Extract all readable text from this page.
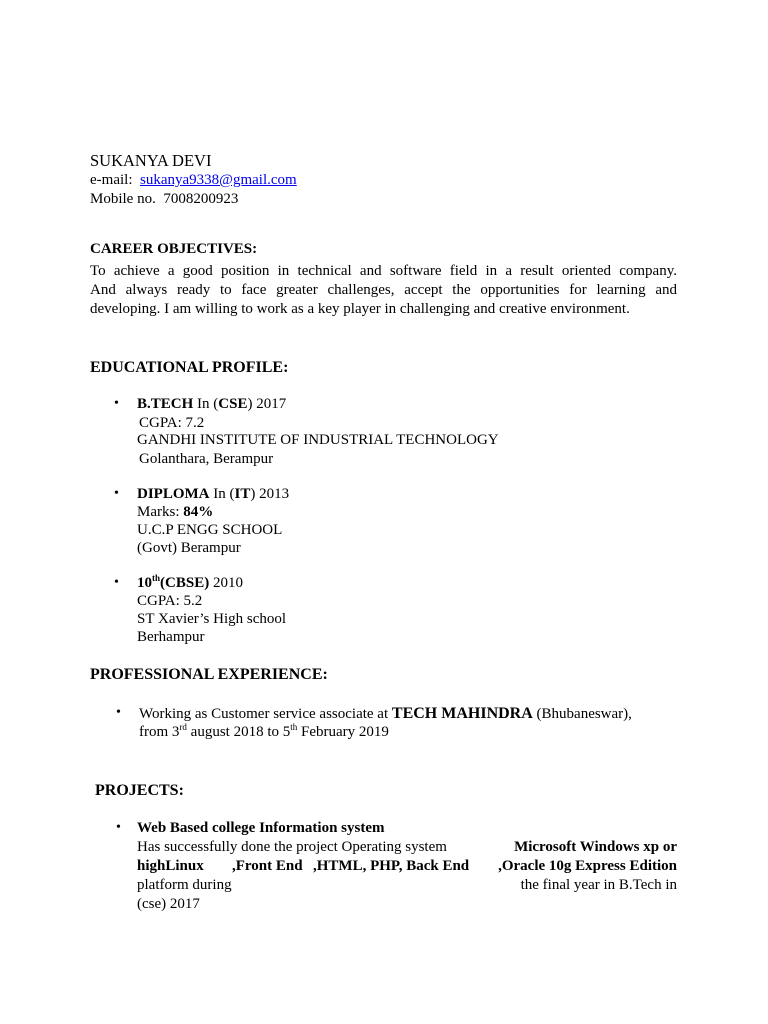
SUKANYA DEVI
e-mail: sukanya9338@gmail.com
Mobile no. 7008200923
CAREER OBJECTIVES:
To achieve a good position in technical and software field in a result oriented company.
And always ready to face greater challenges, accept the opportunities for learning and
developing. I am willing to work as a key player in challenging and creative environment.
EDUCATIONAL PROFILE:
• B.TECH In (CSE) 2017
CGPA: 7.2
GANDHI INSTITUTE OF INDUSTRIAL TECHNOLOGY
Golanthara, Berampur
• DIPLOMA In (IT) 2013
Marks: 84%
U.C.P ENGG SCHOOL
(Govt) Berampur
• 10th(CBSE) 2010
CGPA: 5.2
ST Xavier’s High school
Berhampur
PROFESSIONAL EXPERIENCE:
• Working as Customer service associate at TECH MAHINDRA (Bhubaneswar),
from 3rd august 2018 to 5th February 2019
PROJECTS:
• Web Based college Information system
Has successfully done the project Operating system	Microsoft Windows xp or
highLinux ,Front End ,HTML, PHP, Back End ,Oracle 10g Express Edition
platform during	the final year in B.Tech in
(cse) 2017
